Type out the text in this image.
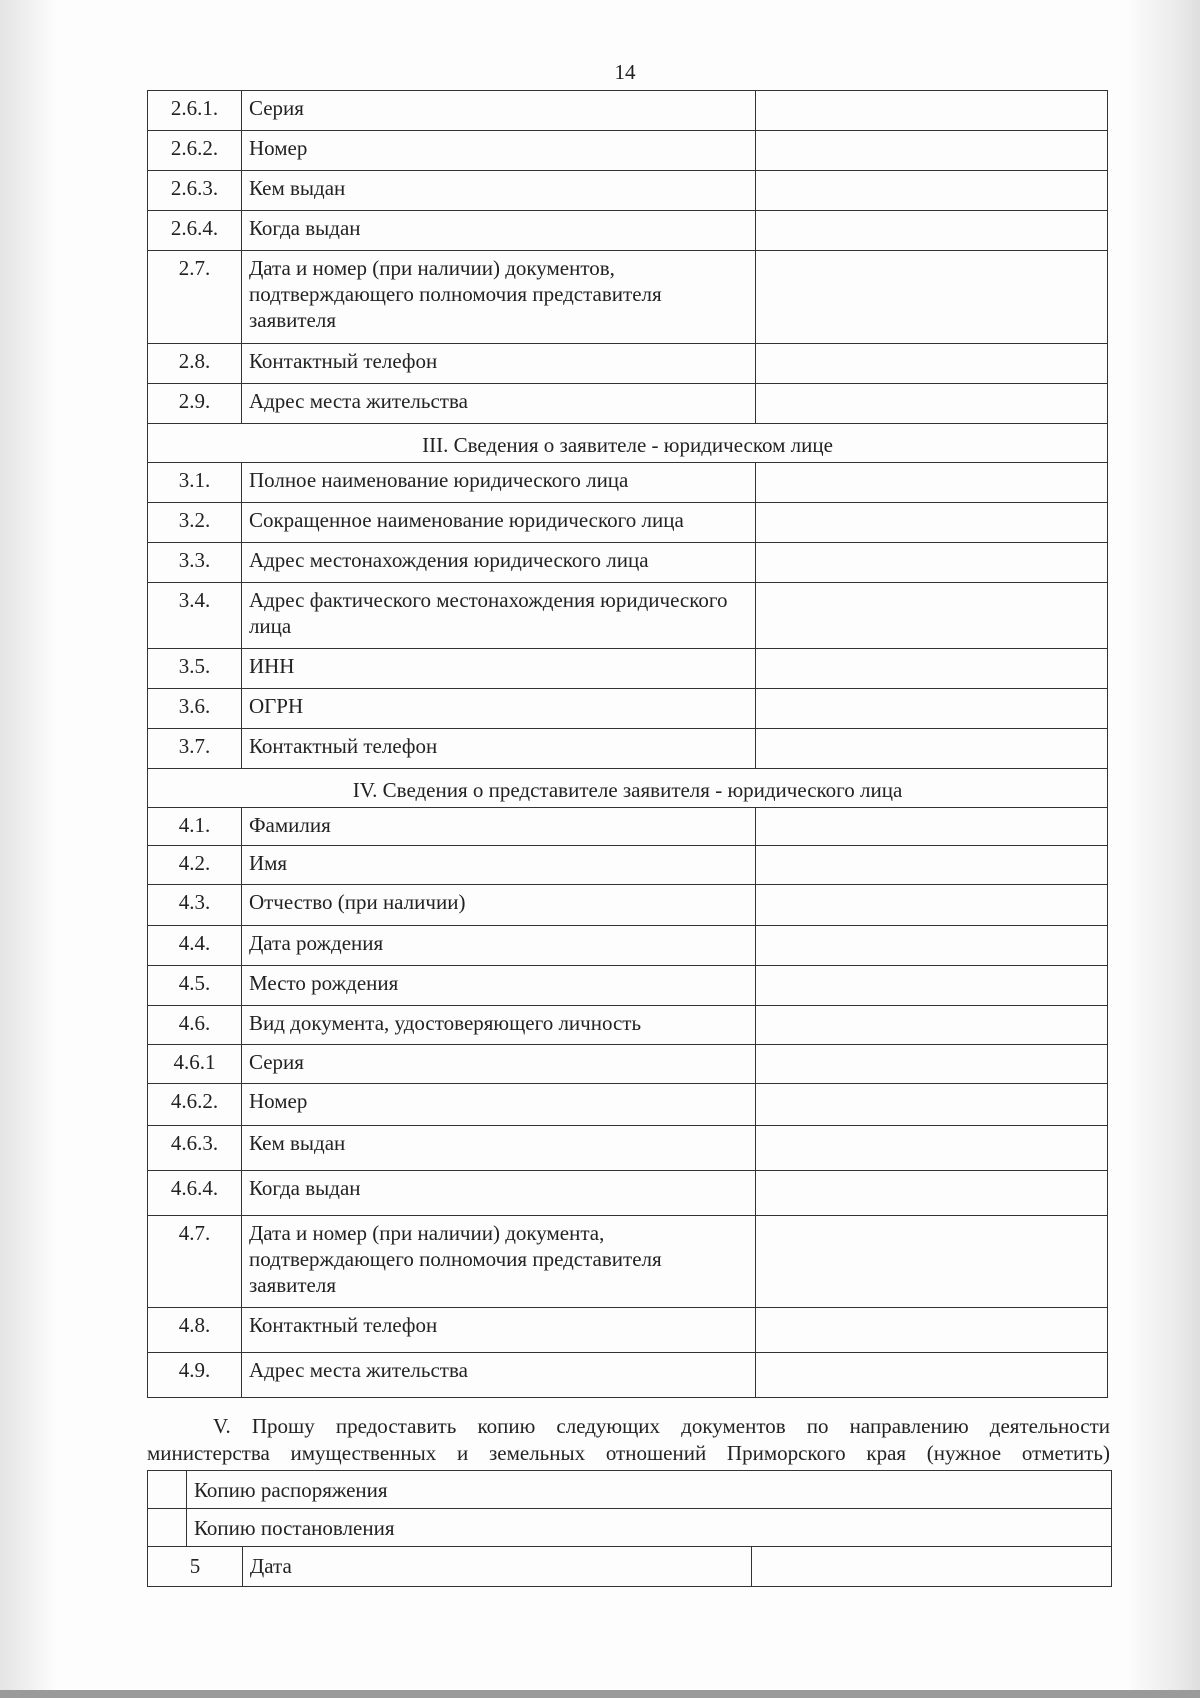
14
2.6.1.	Серия	
2.6.2.	Номер	
2.6.3.	Кем выдан	
2.6.4.	Когда выдан	
2.7.	Дата и номер (при наличии) документов, подтверждающего полномочия представителя заявителя	
2.8.	Контактный телефон	
2.9.	Адрес места жительства	
III. Сведения о заявителе - юридическом лице		
3.1.	Полное наименование юридического лица	
3.2.	Сокращенное наименование юридического лица	
3.3.	Адрес местонахождения юридического лица	
3.4.	Адрес фактического местонахождения юридического лица	
3.5.	ИНН	
3.6.	ОГРН	
3.7.	Контактный телефон	
IV. Сведения о представителе заявителя - юридического лица		
4.1.	Фамилия	
4.2.	Имя	
4.3.	Отчество (при наличии)	
4.4.	Дата рождения	
4.5.	Место рождения	
4.6.	Вид документа, удостоверяющего личность	
4.6.1	Серия	
4.6.2.	Номер	
4.6.3.	Кем выдан	
4.6.4.	Когда выдан	
4.7.	Дата и номер (при наличии) документа, подтверждающего полномочия представителя заявителя	
4.8.	Контактный телефон	
4.9.	Адрес места жительства	
V. Прошу предоставить копию следующих документов по направлению деятельности
министерства имущественных и земельных отношений Приморского края (нужное отметить)
	Копию распоряжения
	Копию постановления
5	Дата	
